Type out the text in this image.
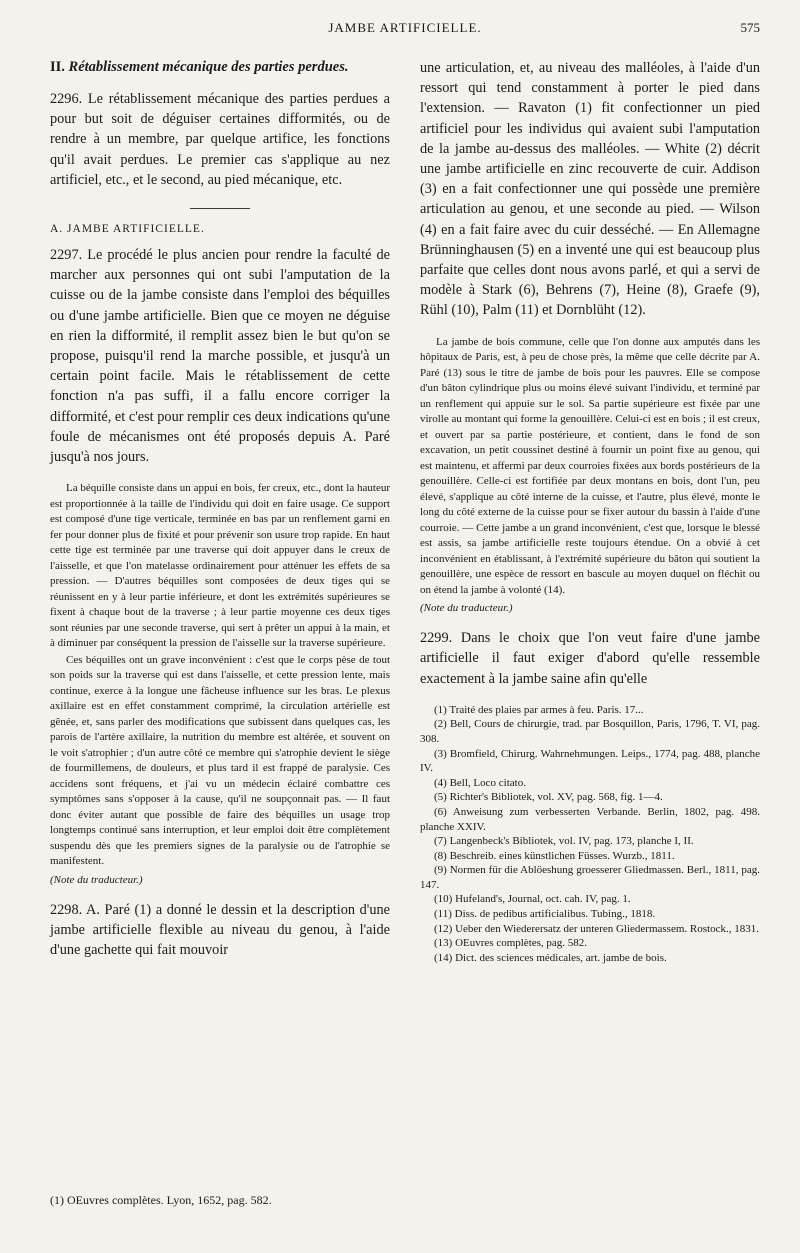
JAMBE ARTIFICIELLE.	575

II. Rétablissement mécanique des parties perdues.

2296. Le rétablissement mécanique des parties perdues a pour but soit de déguiser certaines difformités, ou de rendre à un membre, par quelque artifice, les fonctions qu'il avait perdues. Le premier cas s'applique au nez artificiel, etc., et le second, au pied mécanique, etc.

A. JAMBE ARTIFICIELLE.

2297. Le procédé le plus ancien pour rendre la faculté de marcher aux personnes qui ont subi l'amputation de la cuisse ou de la jambe consiste dans l'emploi des béquilles ou d'une jambe artificielle. Bien que ce moyen ne déguise en rien la difformité, il remplit assez bien le but qu'on se propose, puisqu'il rend la marche possible, et jusqu'à un certain point facile. Mais le rétablissement de cette fonction n'a pas suffi, il a fallu encore corriger la difformité, et c'est pour remplir ces deux indications qu'une foule de mécanismes ont été proposés depuis A. Paré jusqu'à nos jours.

La béquille consiste dans un appui en bois, fer creux, etc., dont la hauteur est proportionnée à la taille de l'individu qui doit en faire usage. Ce support est composé d'une tige verticale, terminée en bas par un renflement garni en fer pour donner plus de fixité et pour prévenir son usure trop rapide. En haut cette tige est terminée par une traverse qui doit appuyer dans le creux de l'aisselle, et que l'on matelasse ordinairement pour atténuer les effets de sa pression. — D'autres béquilles sont composées de deux tiges qui se réunissent en y à leur partie inférieure, et dont les extrémités supérieures se fixent à chaque bout de la traverse ; à leur partie moyenne ces deux tiges sont réunies par une seconde traverse, qui sert à prêter un appui à la main, et à diminuer par conséquent la pression de l'aisselle sur la traverse supérieure.

Ces béquilles ont un grave inconvénient : c'est que le corps pèse de tout son poids sur la traverse qui est dans l'aisselle, et cette pression lente, mais continue, exerce à la longue une fâcheuse influence sur les bras. Le plexus axillaire est en effet constamment comprimé, la circulation artérielle est gênée, et, sans parler des modifications que subissent dans quelques cas, les parois de l'artère axillaire, la nutrition du membre est altérée, et souvent on le voit s'atrophier ; d'un autre côté ce membre qui s'atrophie devient le siège de fourmillemens, de douleurs, et plus tard il est frappé de paralysie. Ces accidens sont fréquens, et j'ai vu un médecin éclairé combattre ces symptômes sans s'opposer à la cause, qu'il ne soupçonnait pas. — Il faut donc éviter autant que possible de faire des béquilles un usage trop longtemps continué sans interruption, et leur emploi doit être complètement suspendu dès que les premiers signes de la paralysie ou de l'atrophie se manifestent.

(Note du traducteur.)

2298. A. Paré (1) a donné le dessin et la description d'une jambe artificielle flexible au niveau du genou, à l'aide d'une gachette qui fait mouvoir

(1) OEuvres complètes. Lyon, 1652, pag. 582.

une articulation, et, au niveau des malléoles, à l'aide d'un ressort qui tend constamment à porter le pied dans l'extension. — Ravaton (1) fit confectionner un pied artificiel pour les individus qui avaient subi l'amputation de la jambe au-dessus des malléoles. — White (2) décrit une jambe artificielle en zinc recouverte de cuir. Addison (3) en a fait confectionner une qui possède une première articulation au genou, et une seconde au pied. — Wilson (4) en a fait faire avec du cuir desséché. — En Allemagne Brünninghausen (5) en a inventé une qui est beaucoup plus parfaite que celles dont nous avons parlé, et qui a servi de modèle à Stark (6), Behrens (7), Heine (8), Graefe (9), Rühl (10), Palm (11) et Dornblüht (12).

La jambe de bois commune, celle que l'on donne aux amputés dans les hôpitaux de Paris, est, à peu de chose près, la même que celle décrite par A. Paré (13) sous le titre de jambe de bois pour les pauvres. Elle se compose d'un bâton cylindrique plus ou moins élevé suivant l'individu, et terminé par un renflement qui appuie sur le sol. Sa partie supérieure est fixée par une virolle au montant qui forme la genouillère. Celui-ci est en bois ; il est creux, et ouvert par sa partie postérieure, et contient, dans le fond de son excavation, un petit coussinet destiné à fournir un point fixe au genou, qui est maintenu, et affermi par deux courroies fixées aux bords postérieurs de la genouillère. Celle-ci est fortifiée par deux montans en bois, dont l'un, peu élevé, s'applique au côté interne de la cuisse, et l'autre, plus élevé, monte le long du côté externe de la cuisse pour se fixer autour du bassin à l'aide d'une courroie. — Cette jambe a un grand inconvénient, c'est que, lorsque le blessé est assis, sa jambe artificielle reste toujours étendue. On a obvié à cet inconvénient en établissant, à l'extrémité supérieure du bâton qui soutient la genouillère, une espèce de ressort en bascule au moyen duquel on fléchit ou on étend la jambe à volonté (14).

(Note du traducteur.)

2299. Dans le choix que l'on veut faire d'une jambe artificielle il faut exiger d'abord qu'elle ressemble exactement à la jambe saine afin qu'elle

(1) Traité des plaies par armes à feu. Paris. 17...

(2) Bell, Cours de chirurgie, trad. par Bosquillon, Paris, 1796, T. VI, pag. 308.

(3) Bromfield, Chirurg. Wahrnehmungen. Leips., 1774, pag. 488, planche IV.

(4) Bell, Loco citato.

(5) Richter's Bibliotek, vol. XV, pag. 568, fig. 1—4.

(6) Anweisung zum verbesserten Verbande. Berlin, 1802, pag. 498. planche XXIV.

(7) Langenbeck's Bibliotek, vol. IV, pag. 173, planche I, II.

(8) Beschreib. eines künstlichen Füsses. Wurzb., 1811.

(9) Normen für die Ablöeshung groesserer Gliedmassen. Berl., 1811, pag. 147.

(10) Hufeland's, Journal, oct. cah. IV, pag. 1.

(11) Diss. de pedibus artificialibus. Tubing., 1818.

(12) Ueber den Wiederersatz der unteren Gliedermassem. Rostock., 1831.

(13) OEuvres complètes, pag. 582.

(14) Dict. des sciences médicales, art. jambe de bois.
